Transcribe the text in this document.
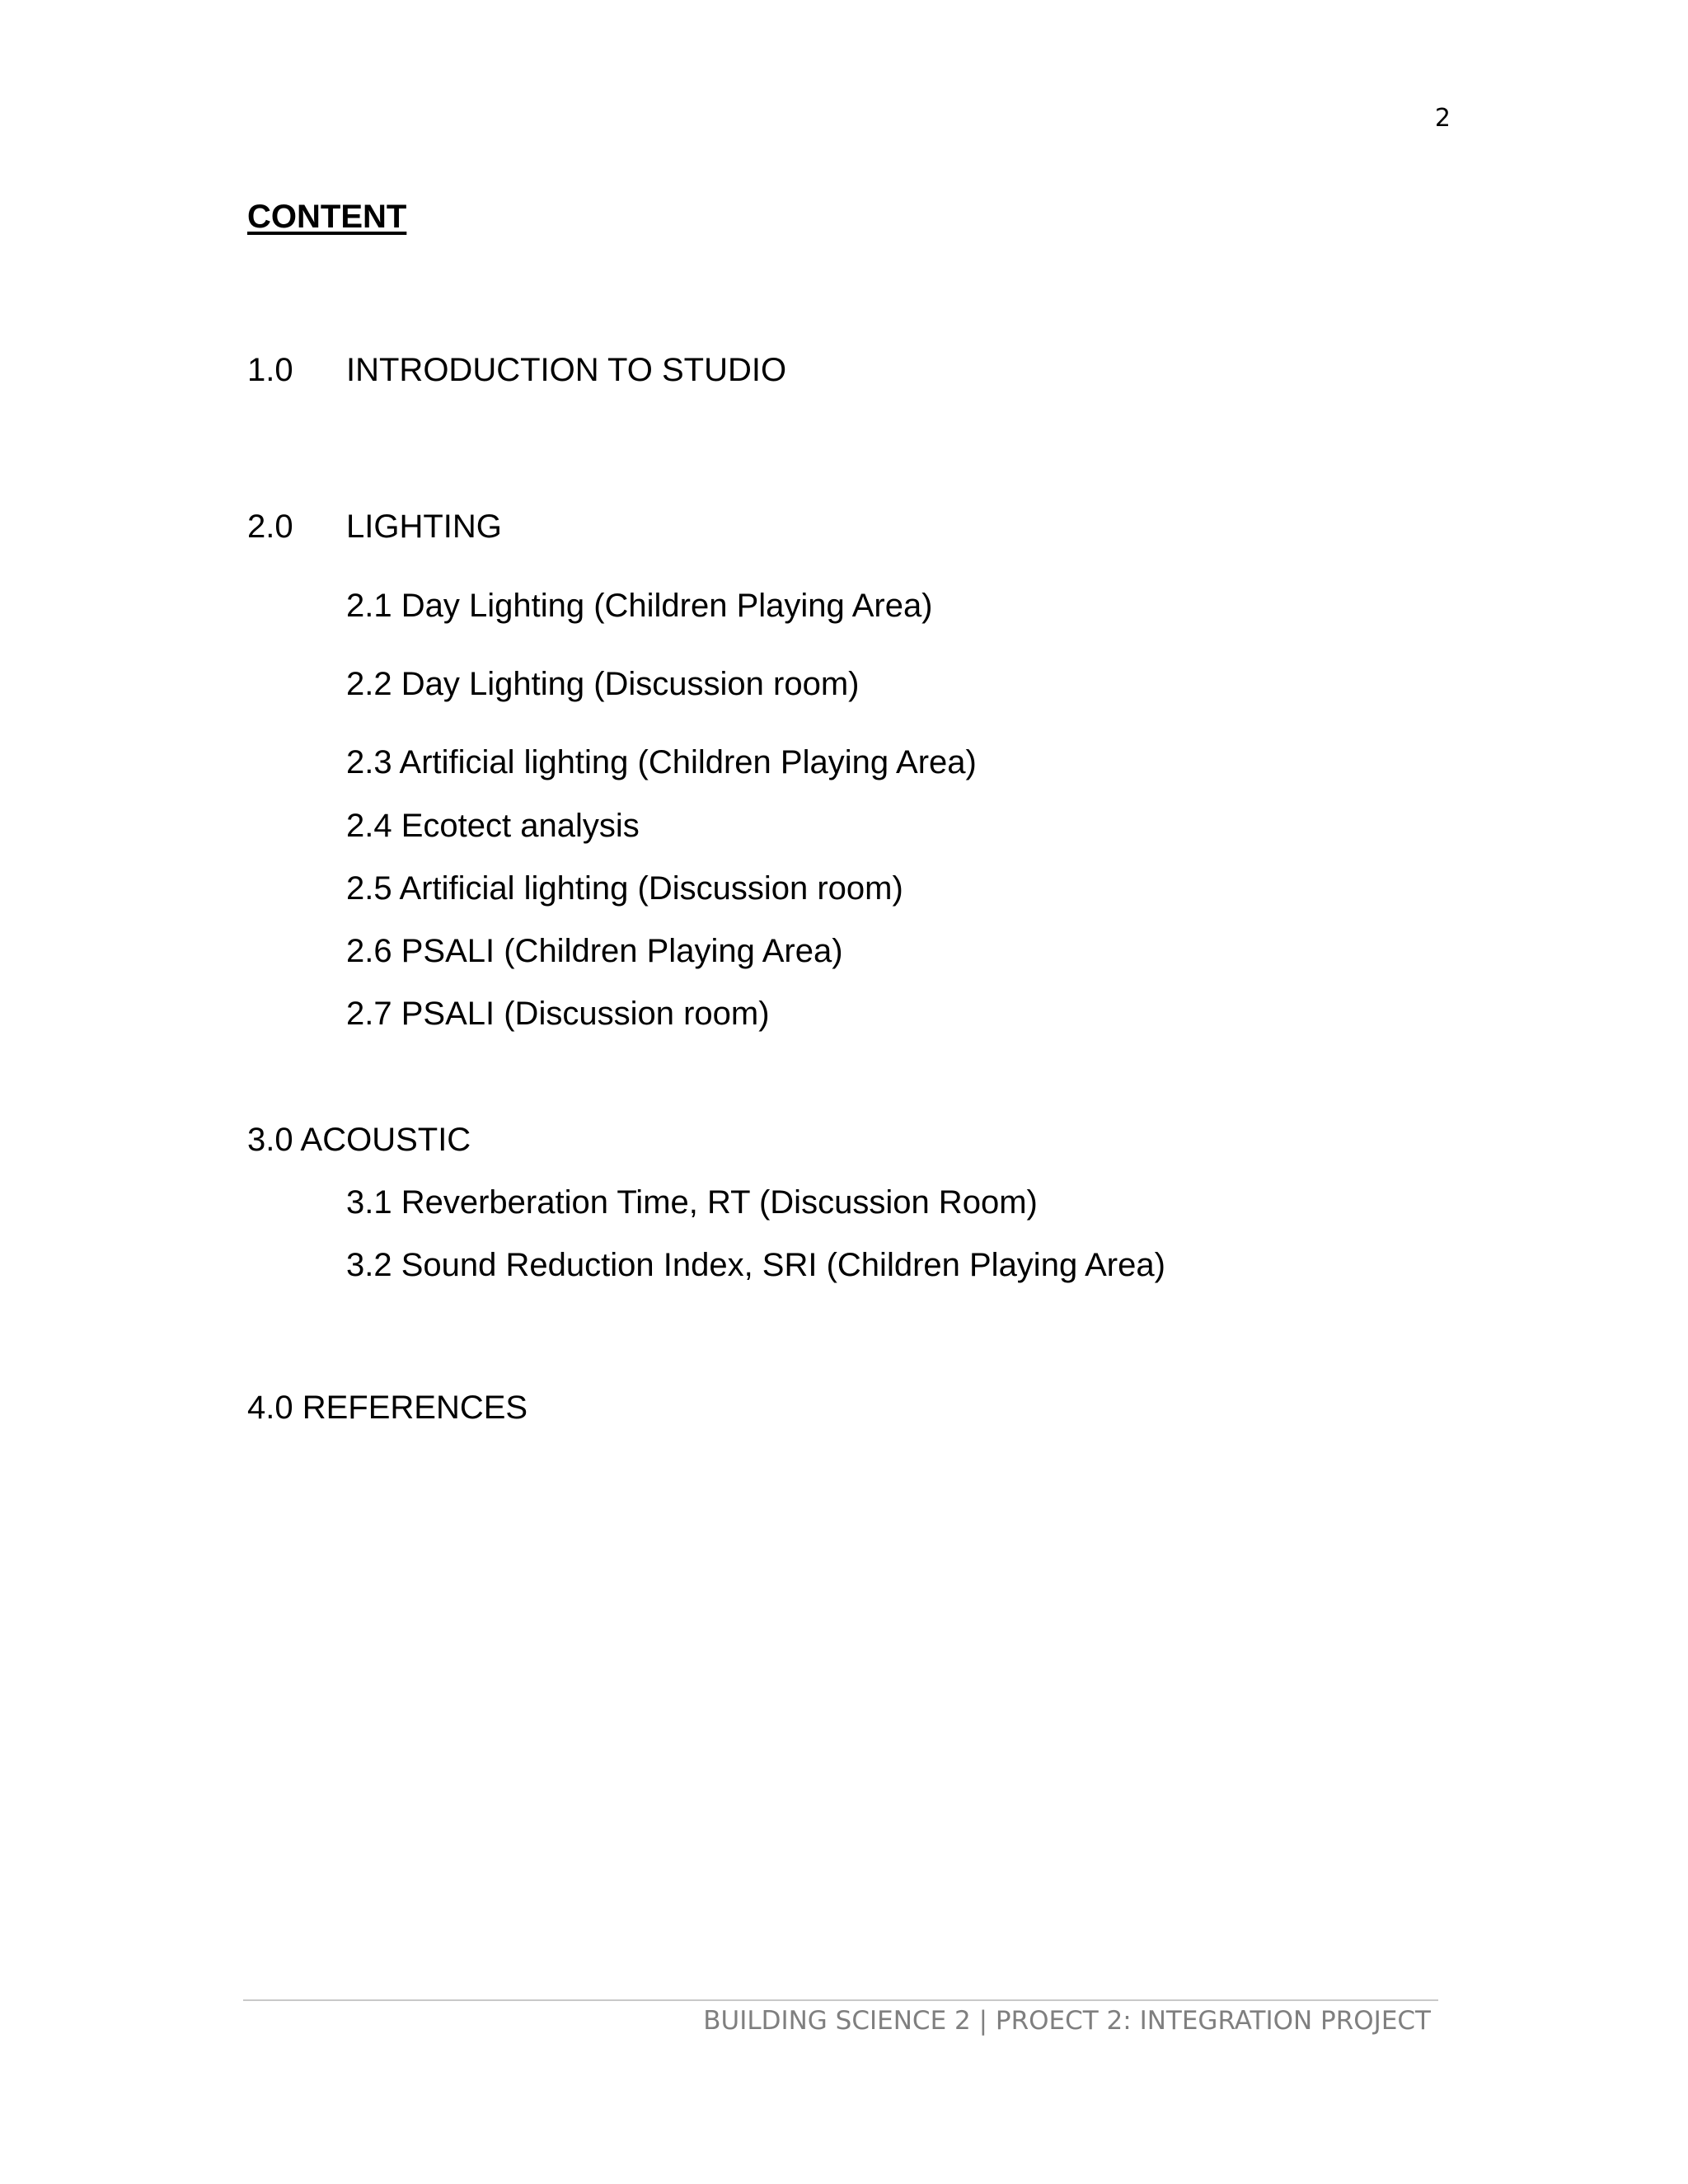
2
CONTENT
1.0 INTRODUCTION TO STUDIO
2.0 LIGHTING
2.1 Day Lighting (Children Playing Area)
2.2 Day Lighting (Discussion room)
2.3 Artificial lighting (Children Playing Area)
2.4 Ecotect analysis
2.5 Artificial lighting (Discussion room)
2.6 PSALI (Children Playing Area)
2.7 PSALI (Discussion room)
3.0 ACOUSTIC
3.1 Reverberation Time, RT (Discussion Room)
3.2 Sound Reduction Index, SRI (Children Playing Area)
4.0 REFERENCES
BUILDING SCIENCE 2 | PROECT 2: INTEGRATION PROJECT
